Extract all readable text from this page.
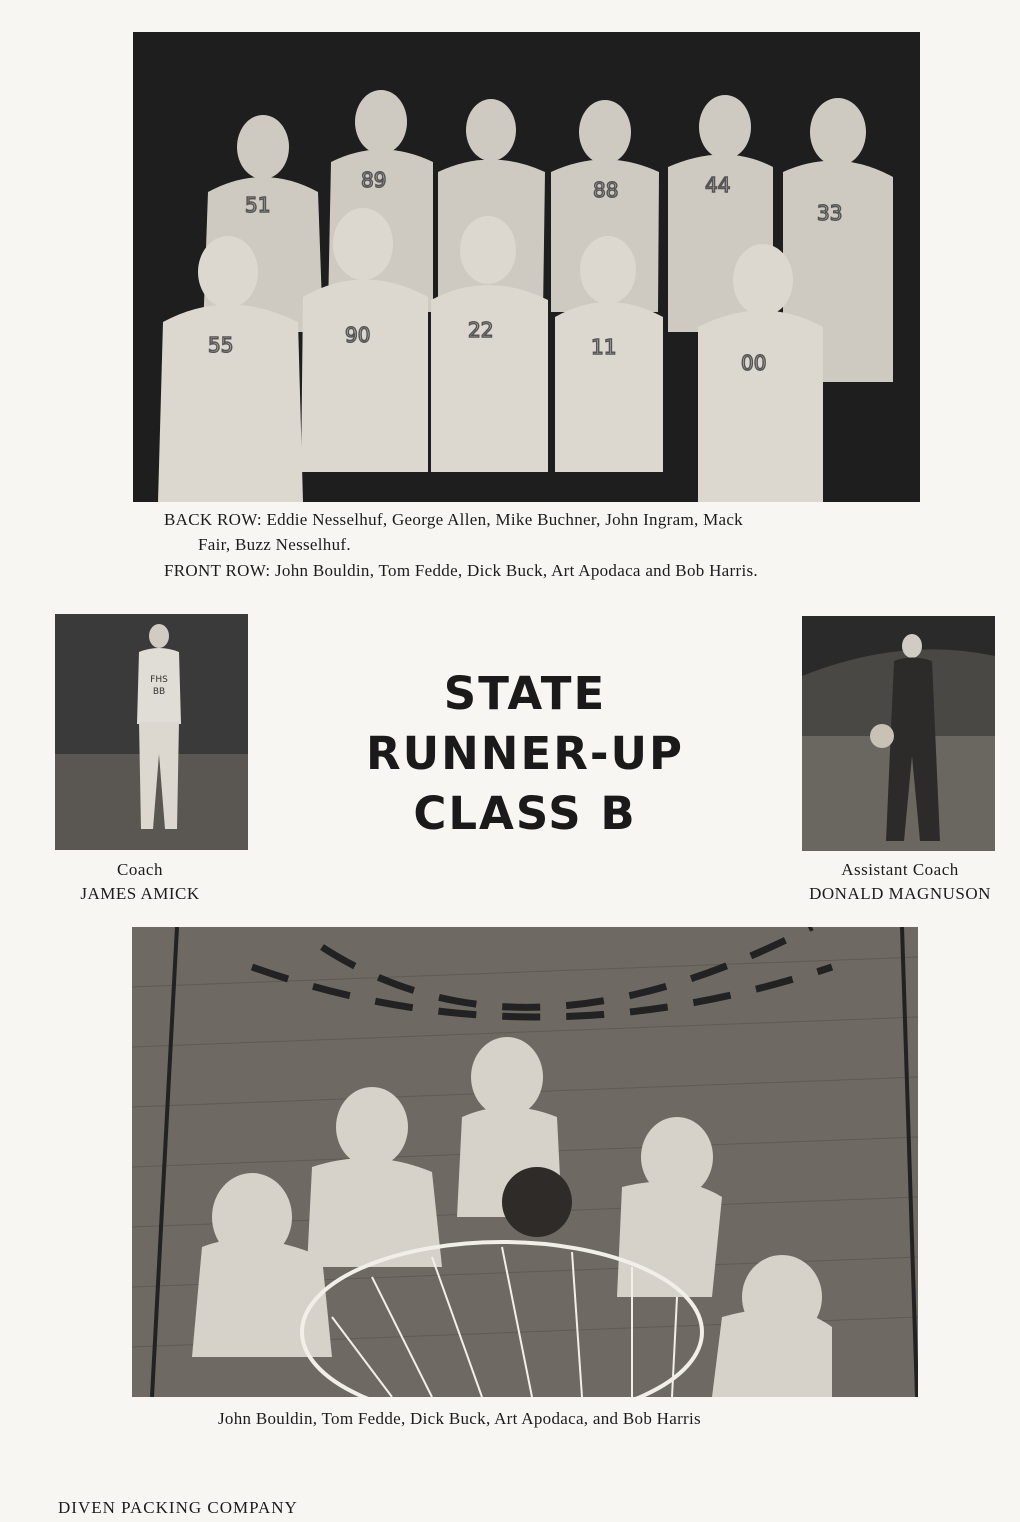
51
89	88	44
33
55	90	22
11
00
BACK ROW: Eddie Nesselhuf, George Allen, Mike Buchner, John Ingram, Mack
Fair, Buzz Nesselhuf.
FRONT ROW: John Bouldin, Tom Fedde, Dick Buck, Art Apodaca and Bob Harris.
FHS
BB	STATE
RUNNER-UP
CLASS B
Coach
JAMES AMICK
Assistant Coach
DONALD MAGNUSON
John Bouldin, Tom Fedde, Dick Buck, Art Apodaca, and Bob Harris
DIVEN PACKING COMPANY
